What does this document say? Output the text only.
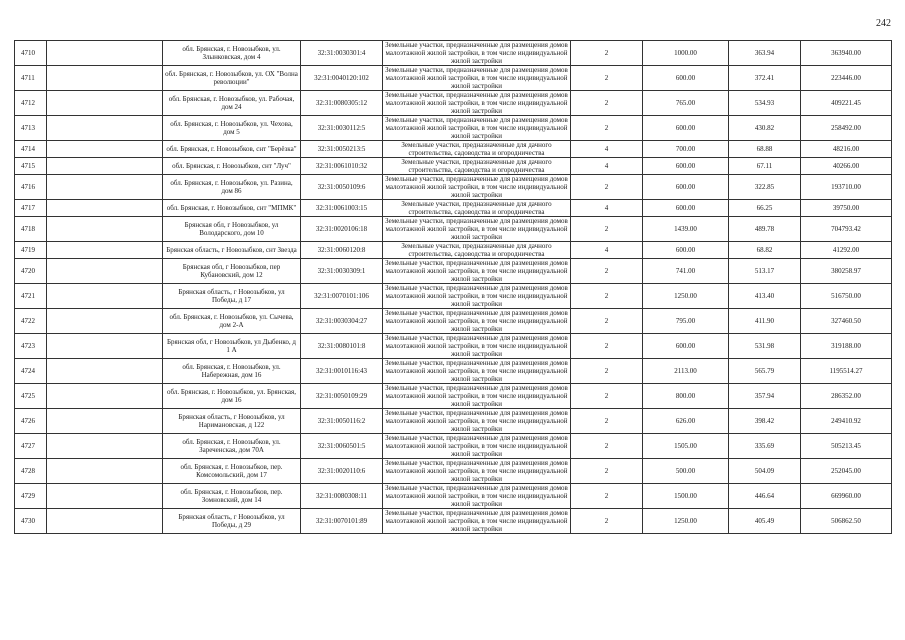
242
4710		обл. Брянская, г. Новозыбков, ул. Злынковская, дом 4	32:31:0030301:4	Земельные участки, предназначенные для размещения домов малоэтажной жилой застройки, в том числе индивидуальной жилой застройки	2	1000.00	363.94	363940.00
4711		обл. Брянская, г. Новозыбков, ул. ОХ "Волна революции"	32:31:0040120:102	Земельные участки, предназначенные для размещения домов малоэтажной жилой застройки, в том числе индивидуальной жилой застройки	2	600.00	372.41	223446.00
4712		обл. Брянская, г. Новозыбков, ул. Рабочая, дом 24	32:31:0080305:12	Земельные участки, предназначенные для размещения домов малоэтажной жилой застройки, в том числе индивидуальной жилой застройки	2	765.00	534.93	409221.45
4713		обл. Брянская, г. Новозыбков, ул. Чехова, дом 5	32:31:0030112:5	Земельные участки, предназначенные для размещения домов малоэтажной жилой застройки, в том числе индивидуальной жилой застройки	2	600.00	430.82	258492.00
4714		обл. Брянская, г. Новозыбков, снт "Берёзка"	32:31:0050213:5	Земельные участки, предназначенные для дачного строительства, садоводства и огородничества	4	700.00	68.88	48216.00
4715		обл. Брянская, г. Новозыбков, снт "Луч"	32:31:0061010:32	Земельные участки, предназначенные для дачного строительства, садоводства и огородничества	4	600.00	67.11	40266.00
4716		обл. Брянская, г. Новозыбков, ул. Разина, дом 86	32:31:0050109:6	Земельные участки, предназначенные для размещения домов малоэтажной жилой застройки, в том числе индивидуальной жилой застройки	2	600.00	322.85	193710.00
4717		обл. Брянская, г. Новозыбков, снт "МПМК"	32:31:0061003:15	Земельные участки, предназначенные для дачного строительства, садоводства и огородничества	4	600.00	66.25	39750.00
4718		Брянская обл, г Новозыбков, ул Володарского, дом 10	32:31:0020106:18	Земельные участки, предназначенные для размещения домов малоэтажной жилой застройки, в том числе индивидуальной жилой застройки	2	1439.00	489.78	704793.42
4719		Брянская область, г Новозыбков, снт Звезда	32:31:0060120:8	Земельные участки, предназначенные для дачного строительства, садоводства и огородничества	4	600.00	68.82	41292.00
4720		Брянская обл, г Новозыбков, пер Кубановский, дом 12	32:31:0030309:1	Земельные участки, предназначенные для размещения домов малоэтажной жилой застройки, в том числе индивидуальной жилой застройки	2	741.00	513.17	380258.97
4721		Брянская область, г Новозыбков, ул Победы, д 17	32:31:0070101:106	Земельные участки, предназначенные для размещения домов малоэтажной жилой застройки, в том числе индивидуальной жилой застройки	2	1250.00	413.40	516750.00
4722		обл. Брянская, г. Новозыбков, ул. Сычева, дом 2-А	32:31:0030304:27	Земельные участки, предназначенные для размещения домов малоэтажной жилой застройки, в том числе индивидуальной жилой застройки	2	795.00	411.90	327460.50
4723		Брянская обл, г Новозыбков, ул Дыбенко, д 1 А	32:31:0080101:8	Земельные участки, предназначенные для размещения домов малоэтажной жилой застройки, в том числе индивидуальной жилой застройки	2	600.00	531.98	319188.00
4724		обл. Брянская, г. Новозыбков, ул. Набережная, дом 16	32:31:0010116:43	Земельные участки, предназначенные для размещения домов малоэтажной жилой застройки, в том числе индивидуальной жилой застройки	2	2113.00	565.79	1195514.27
4725		обл. Брянская, г. Новозыбков, ул. Брянская, дом 16	32:31:0050109:29	Земельные участки, предназначенные для размещения домов малоэтажной жилой застройки, в том числе индивидуальной жилой застройки	2	800.00	357.94	286352.00
4726		Брянская область, г Новозыбков, ул Наримановская, д 122	32:31:0050116:2	Земельные участки, предназначенные для размещения домов малоэтажной жилой застройки, в том числе индивидуальной жилой застройки	2	626.00	398.42	249410.92
4727		обл. Брянская, г. Новозыбков, ул. Зареченская, дом 70А	32:31:0060501:5	Земельные участки, предназначенные для размещения домов малоэтажной жилой застройки, в том числе индивидуальной жилой застройки	2	1505.00	335.69	505213.45
4728		обл. Брянская, г. Новозыбков, пер. Комсомольский, дом 17	32:31:0020110:6	Земельные участки, предназначенные для размещения домов малоэтажной жилой застройки, в том числе индивидуальной жилой застройки	2	500.00	504.09	252045.00
4729		обл. Брянская, г. Новозыбков, пер. Зомновский, дом 14	32:31:0080308:11	Земельные участки, предназначенные для размещения домов малоэтажной жилой застройки, в том числе индивидуальной жилой застройки	2	1500.00	446.64	669960.00
4730		Брянская область, г Новозыбков, ул Победы, д 29	32:31:0070101:89	Земельные участки, предназначенные для размещения домов малоэтажной жилой застройки, в том числе индивидуальной жилой застройки	2	1250.00	405.49	506862.50
